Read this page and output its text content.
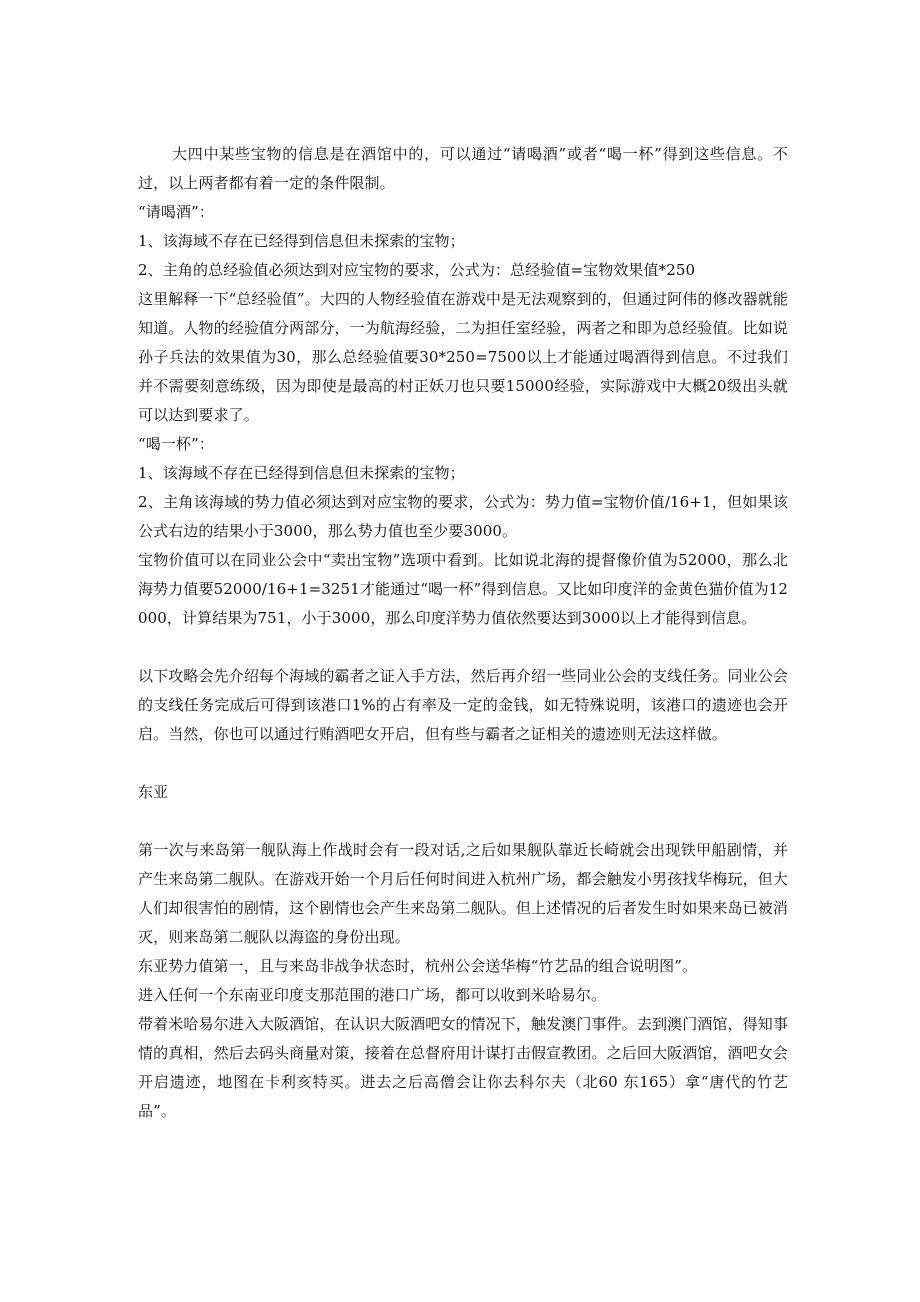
大四中某些宝物的信息是在酒馆中的，可以通过“请喝酒”或者“喝一杯”得到这些信息。不过，以上两者都有着一定的条件限制。

“请喝酒”：

1、该海域不存在已经得到信息但未探索的宝物；

2、主角的总经验值必须达到对应宝物的要求，公式为：总经验值=宝物效果值*250

这里解释一下“总经验值”。大四的人物经验值在游戏中是无法观察到的，但通过阿伟的修改器就能知道。人物的经验值分两部分，一为航海经验，二为担任室经验，两者之和即为总经验值。比如说孙子兵法的效果值为30，那么总经验值要30*250=7500以上才能通过喝酒得到信息。不过我们并不需要刻意练级，因为即使是最高的村正妖刀也只要15000经验，实际游戏中大概20级出头就可以达到要求了。

“喝一杯”：

1、该海域不存在已经得到信息但未探索的宝物；

2、主角该海域的势力值必须达到对应宝物的要求，公式为：势力值=宝物价值/16+1，但如果该公式右边的结果小于3000，那么势力值也至少要3000。

宝物价值可以在同业公会中“卖出宝物”选项中看到。比如说北海的提督像价值为52000，那么北海势力值要52000/16+1=3251才能通过“喝一杯”得到信息。又比如印度洋的金黄色猫价值为12000，计算结果为751，小于3000，那么印度洋势力值依然要达到3000以上才能得到信息。

以下攻略会先介绍每个海域的霸者之证入手方法，然后再介绍一些同业公会的支线任务。同业公会的支线任务完成后可得到该港口1%的占有率及一定的金钱，如无特殊说明，该港口的遗迹也会开启。当然，你也可以通过行贿酒吧女开启，但有些与霸者之证相关的遗迹则无法这样做。

东亚

第一次与来岛第一舰队海上作战时会有一段对话,之后如果舰队靠近长崎就会出现铁甲船剧情，并产生来岛第二舰队。在游戏开始一个月后任何时间进入杭州广场，都会触发小男孩找华梅玩，但大人们却很害怕的剧情，这个剧情也会产生来岛第二舰队。但上述情况的后者发生时如果来岛已被消灭，则来岛第二舰队以海盗的身份出现。

东亚势力值第一，且与来岛非战争状态时，杭州公会送华梅“竹艺品的组合说明图”。

进入任何一个东南亚印度支那范围的港口广场，都可以收到米哈易尔。

带着米哈易尔进入大阪酒馆，在认识大阪酒吧女的情况下，触发澳门事件。去到澳门酒馆，得知事情的真相，然后去码头商量对策，接着在总督府用计谋打击假宣教团。之后回大阪酒馆，酒吧女会开启遗迹，地图在卡利亥特买。进去之后高僧会让你去科尔夫（北60 东165）拿“唐代的竹艺品”。
